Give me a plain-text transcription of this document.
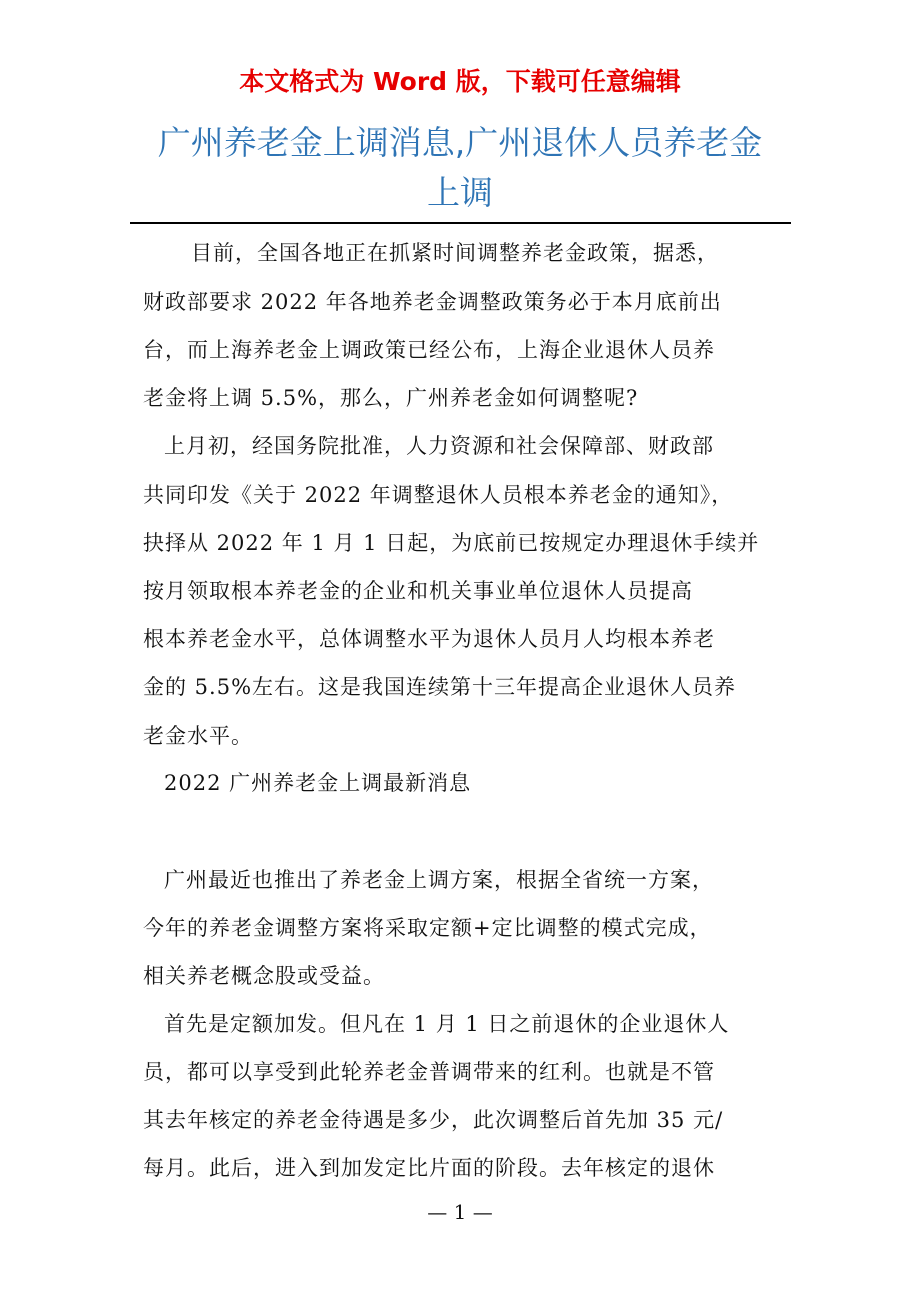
本文格式为 Word 版，下载可任意编辑
广州养老金上调消息,广州退休人员养老金
上调
目前，全国各地正在抓紧时间调整养老金政策，据悉，
财政部要求 2022 年各地养老金调整政策务必于本月底前出
台，而上海养老金上调政策已经公布，上海企业退休人员养
老金将上调 5.5%，那么，广州养老金如何调整呢?
上月初，经国务院批准，人力资源和社会保障部、财政部
共同印发《关于 2022 年调整退休人员根本养老金的通知》，
抉择从 2022 年 1 月 1 日起，为底前已按规定办理退休手续并
按月领取根本养老金的企业和机关事业单位退休人员提高
根本养老金水平，总体调整水平为退休人员月人均根本养老
金的 5.5%左右。这是我国连续第十三年提高企业退休人员养
老金水平。
2022 广州养老金上调最新消息
广州最近也推出了养老金上调方案，根据全省统一方案，
今年的养老金调整方案将采取定额+定比调整的模式完成，
相关养老概念股或受益。
首先是定额加发。但凡在 1 月 1 日之前退休的企业退休人
员，都可以享受到此轮养老金普调带来的红利。也就是不管
其去年核定的养老金待遇是多少，此次调整后首先加 35 元/
每月。此后，进入到加发定比片面的阶段。去年核定的退休
— 1 —
